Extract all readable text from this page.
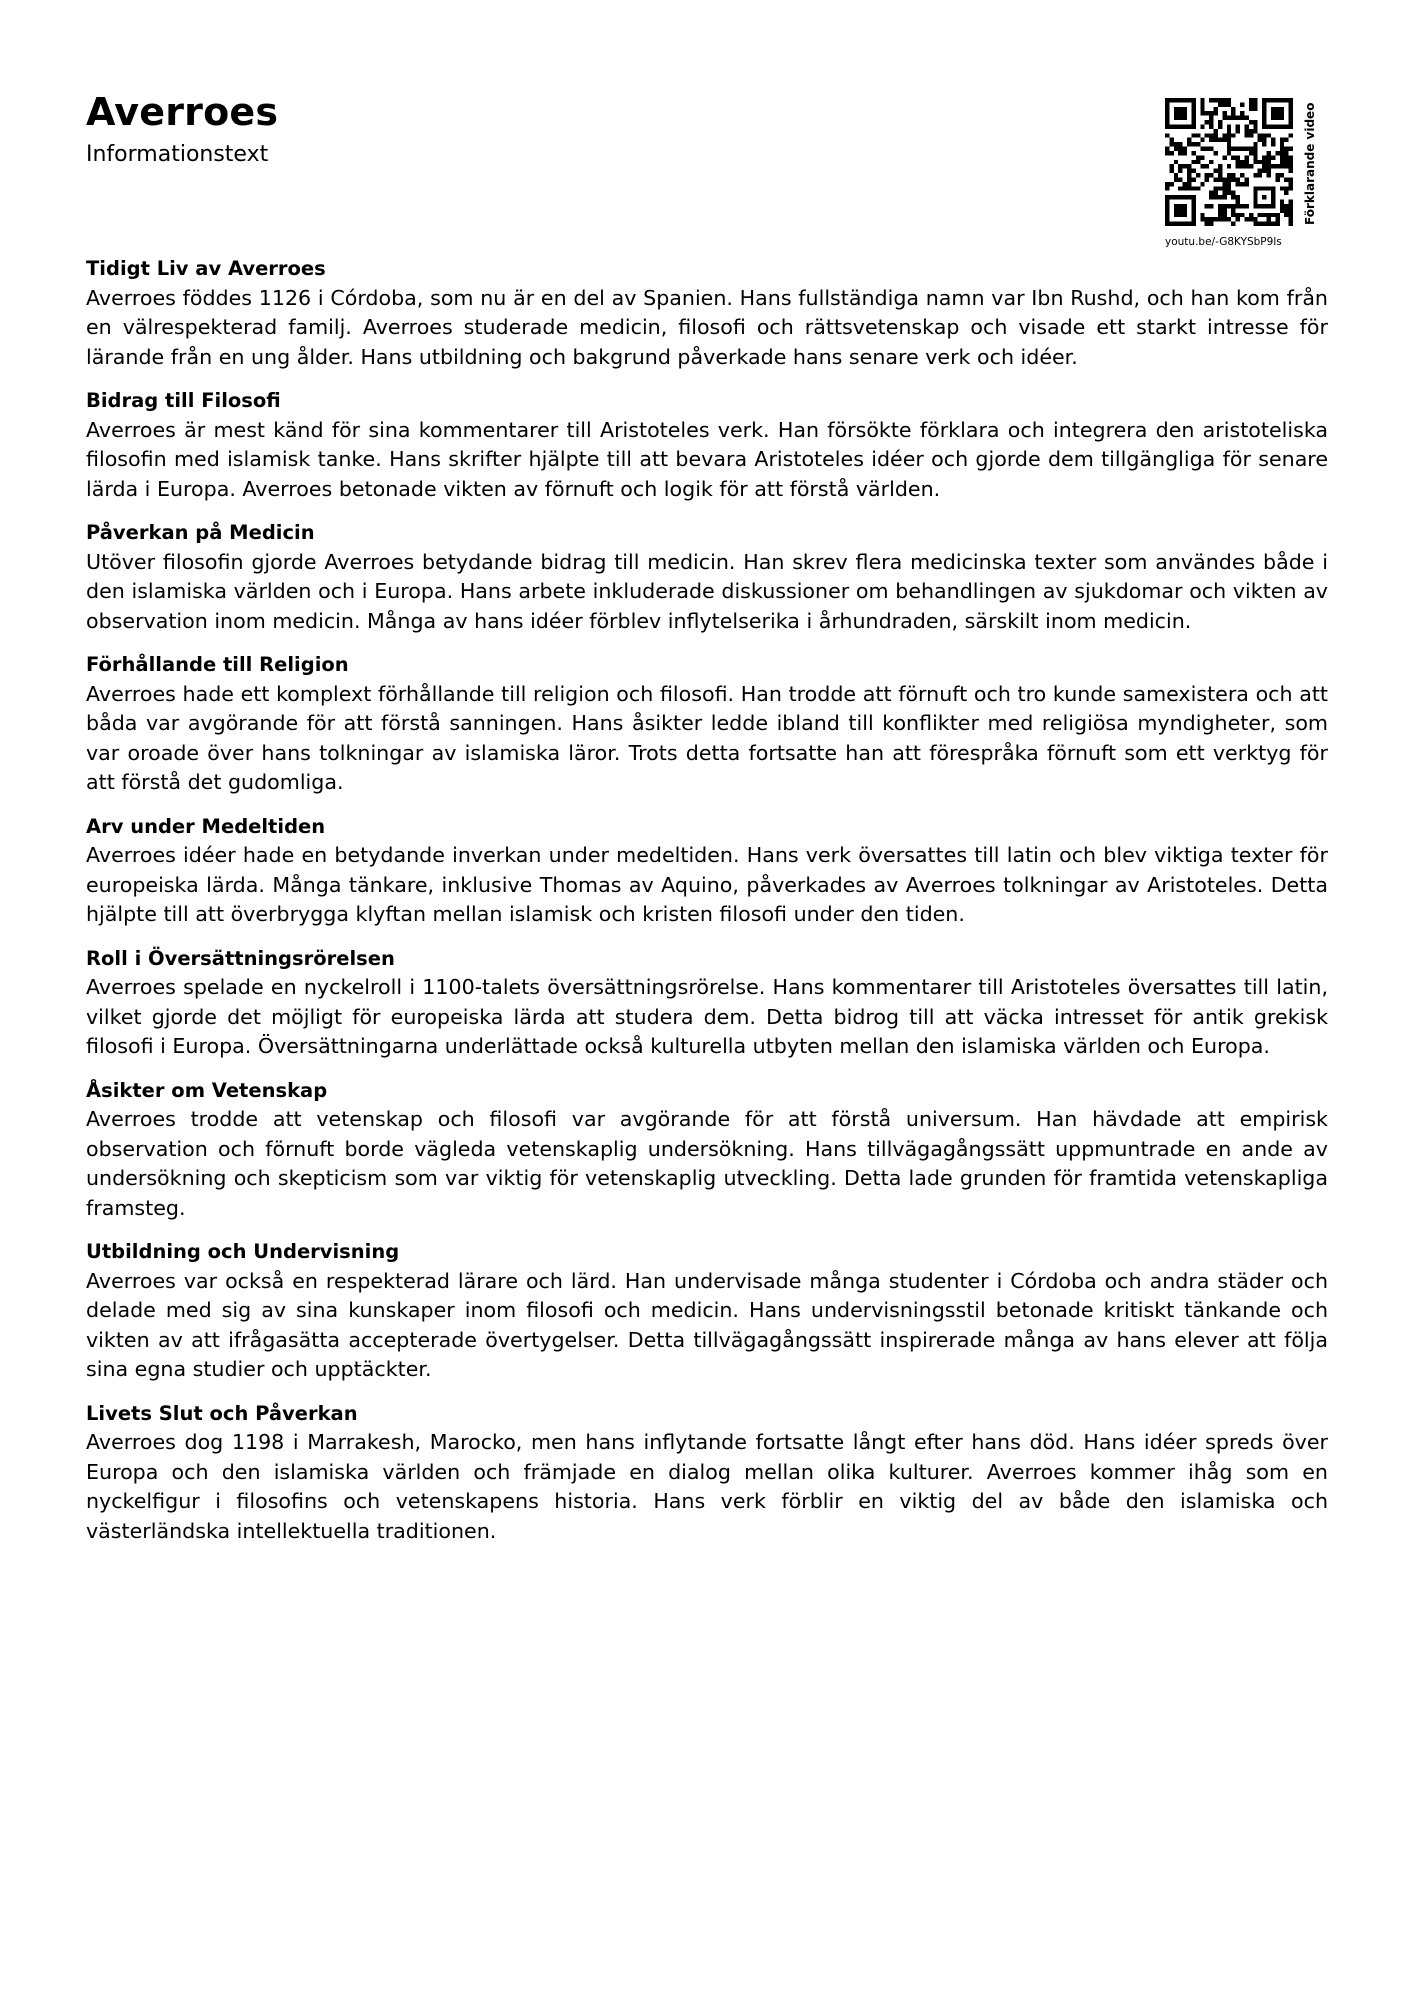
Averroes

Informationstext	Förklarande video
youtu.be/-G8KYSbP9ls
Tidigt Liv av Averroes

Averroes föddes 1126 i Córdoba, som nu är en del av Spanien. Hans fullständiga namn var Ibn Rushd, och han kom från en välrespekterad familj. Averroes studerade medicin, filosofi och rättsvetenskap och visade ett starkt intresse för lärande från en ung ålder. Hans utbildning och bakgrund påverkade hans senare verk och idéer.

Bidrag till Filosofi

Averroes är mest känd för sina kommentarer till Aristoteles verk. Han försökte förklara och integrera den aristoteliska filosofin med islamisk tanke. Hans skrifter hjälpte till att bevara Aristoteles idéer och gjorde dem tillgängliga för senare lärda i Europa. Averroes betonade vikten av förnuft och logik för att förstå världen.

Påverkan på Medicin

Utöver filosofin gjorde Averroes betydande bidrag till medicin. Han skrev flera medicinska texter som användes både i den islamiska världen och i Europa. Hans arbete inkluderade diskussioner om behandlingen av sjukdomar och vikten av observation inom medicin. Många av hans idéer förblev inflytelserika i århundraden, särskilt inom medicin.

Förhållande till Religion

Averroes hade ett komplext förhållande till religion och filosofi. Han trodde att förnuft och tro kunde samexistera och att båda var avgörande för att förstå sanningen. Hans åsikter ledde ibland till konflikter med religiösa myndigheter, som var oroade över hans tolkningar av islamiska läror. Trots detta fortsatte han att förespråka förnuft som ett verktyg för att förstå det gudomliga.

Arv under Medeltiden

Averroes idéer hade en betydande inverkan under medeltiden. Hans verk översattes till latin och blev viktiga texter för europeiska lärda. Många tänkare, inklusive Thomas av Aquino, påverkades av Averroes tolkningar av Aristoteles. Detta hjälpte till att överbrygga klyftan mellan islamisk och kristen filosofi under den tiden.

Roll i Översättningsrörelsen

Averroes spelade en nyckelroll i 1100-talets översättningsrörelse. Hans kommentarer till Aristoteles översattes till latin, vilket gjorde det möjligt för europeiska lärda att studera dem. Detta bidrog till att väcka intresset för antik grekisk filosofi i Europa. Översättningarna underlättade också kulturella utbyten mellan den islamiska världen och Europa.

Åsikter om Vetenskap

Averroes trodde att vetenskap och filosofi var avgörande för att förstå universum. Han hävdade att empirisk observation och förnuft borde vägleda vetenskaplig undersökning. Hans tillvägagångssätt uppmuntrade en ande av undersökning och skepticism som var viktig för vetenskaplig utveckling. Detta lade grunden för framtida vetenskapliga framsteg.

Utbildning och Undervisning

Averroes var också en respekterad lärare och lärd. Han undervisade många studenter i Córdoba och andra städer och delade med sig av sina kunskaper inom filosofi och medicin. Hans undervisningsstil betonade kritiskt tänkande och vikten av att ifrågasätta accepterade övertygelser. Detta tillvägagångssätt inspirerade många av hans elever att följa sina egna studier och upptäckter.

Livets Slut och Påverkan

Averroes dog 1198 i Marrakesh, Marocko, men hans inflytande fortsatte långt efter hans död. Hans idéer spreds över Europa och den islamiska världen och främjade en dialog mellan olika kulturer. Averroes kommer ihåg som en nyckelfigur i filosofins och vetenskapens historia. Hans verk förblir en viktig del av både den islamiska och västerländska intellektuella traditionen.
